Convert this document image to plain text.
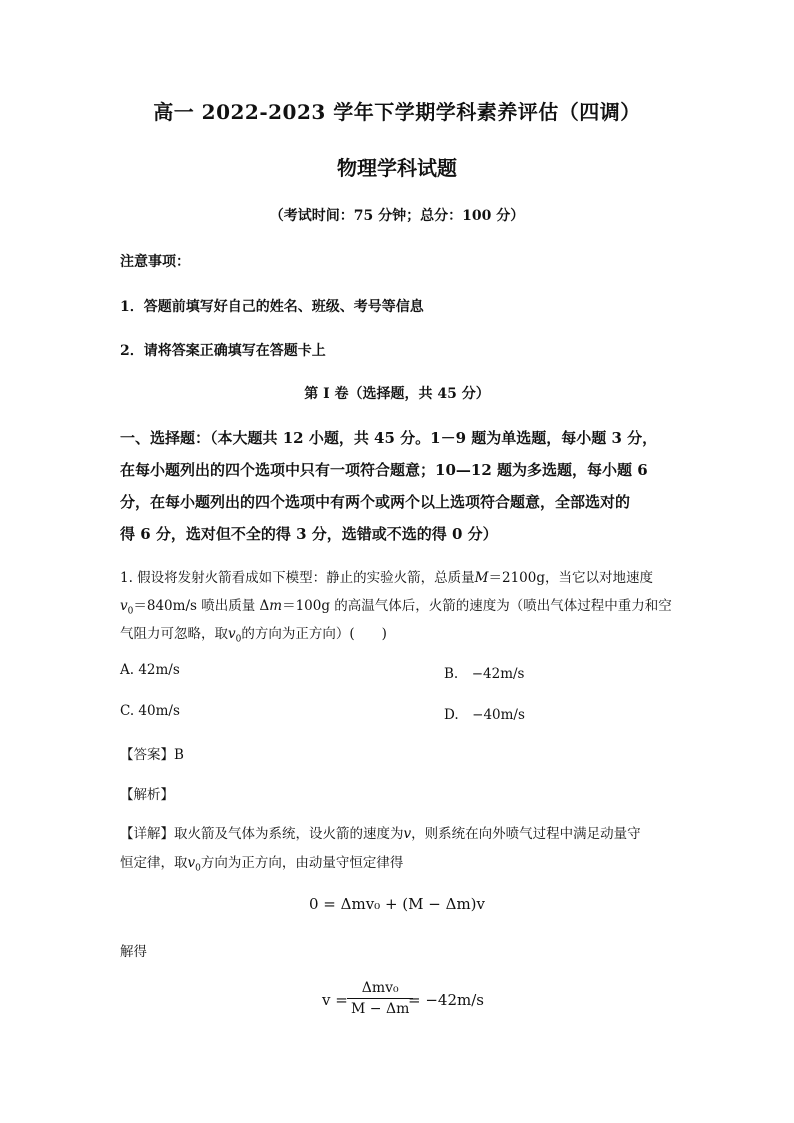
高一 2022-2023 学年下学期学科素养评估（四调）
物理学科试题
（考试时间：75 分钟；总分：100 分）
注意事项：
1．答题前填写好自己的姓名、班级、考号等信息
2．请将答案正确填写在答题卡上
第 I 卷（选择题，共 45 分）
一、选择题：（本大题共 12 小题，共 45 分。1－9 题为单选题，每小题 3 分，
在每小题列出的四个选项中只有一项符合题意；10—12 题为多选题，每小题 6
分，在每小题列出的四个选项中有两个或两个以上选项符合题意，全部选对的
得 6 分，选对但不全的得 3 分，选错或不选的得 0 分）
1. 假设将发射火箭看成如下模型：静止的实验火箭，总质量M＝2100g，当它以对地速度
$v_0=840m/s$ 喷出质量 Δm＝100g 的高温气体后，火箭的速度为（喷出气体过程中重力和空
气阻力可忽略，取$v_0$的方向为正方向）(　　)
A. 42m/s	B.　−42m/s
C. 40m/s	D.　−40m/s
【答案】B
【解析】
【详解】取火箭及气体为系统，设火箭的速度为v，则系统在向外喷气过程中满足动量守
恒定律，取$v_0$方向为正方向，由动量守恒定律得
0 = Δmv₀ + (M − Δm)v
解得
v =
Δmv₀
M − Δm
= −42m/s
